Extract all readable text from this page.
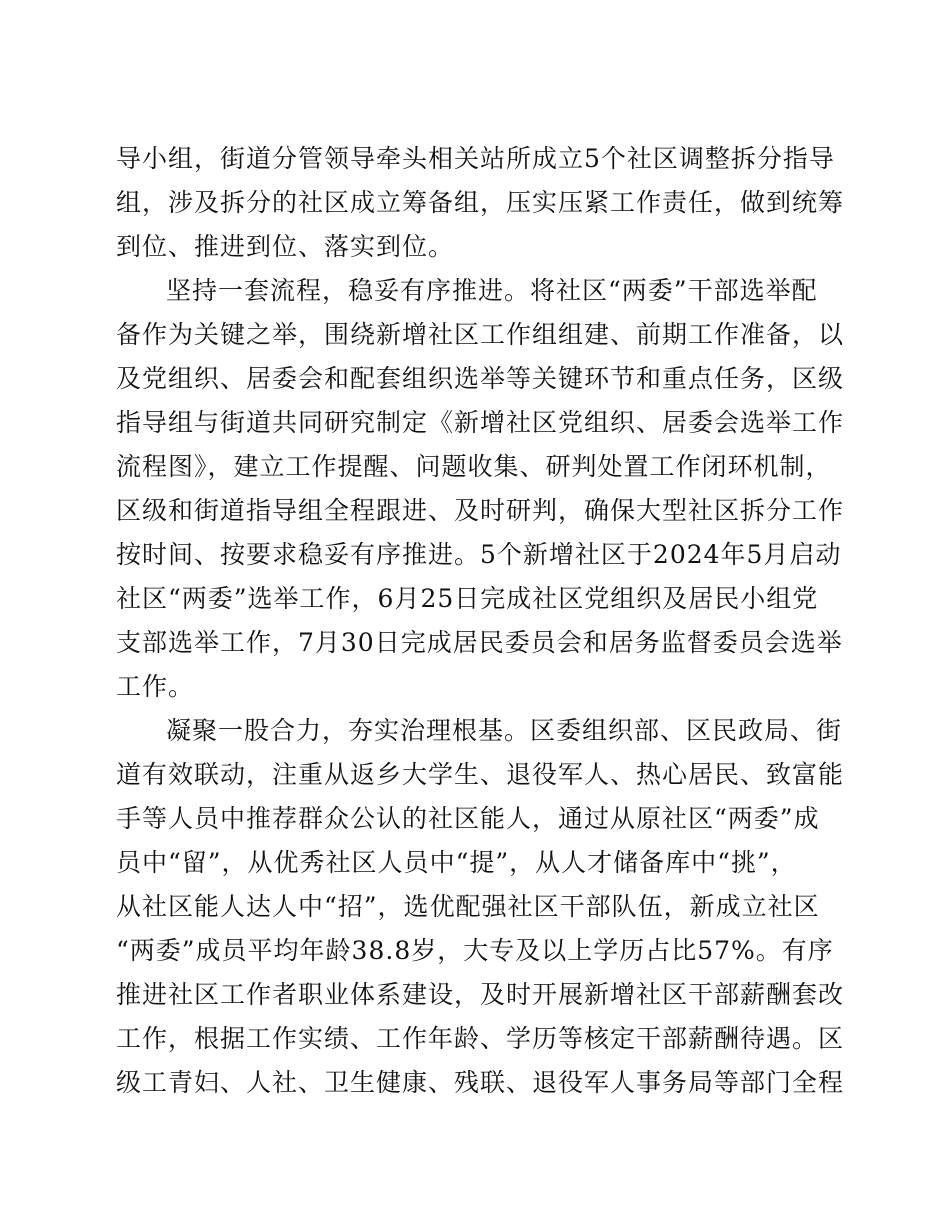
导小组，街道分管领导牵头相关站所成立5个社区调整拆分指导
组，涉及拆分的社区成立筹备组，压实压紧工作责任，做到统筹
到位、推进到位、落实到位。
坚持一套流程，稳妥有序推进。将社区“两委”干部选举配
备作为关键之举，围绕新增社区工作组组建、前期工作准备，以
及党组织、居委会和配套组织选举等关键环节和重点任务，区级
指导组与街道共同研究制定《新增社区党组织、居委会选举工作
流程图》，建立工作提醒、问题收集、研判处置工作闭环机制，
区级和街道指导组全程跟进、及时研判，确保大型社区拆分工作
按时间、按要求稳妥有序推进。5个新增社区于2024年5月启动
社区“两委”选举工作，6月25日完成社区党组织及居民小组党
支部选举工作，7月30日完成居民委员会和居务监督委员会选举
工作。
凝聚一股合力，夯实治理根基。区委组织部、区民政局、街
道有效联动，注重从返乡大学生、退役军人、热心居民、致富能
手等人员中推荐群众公认的社区能人，通过从原社区“两委”成
员中“留”，从优秀社区人员中“提”，从人才储备库中“挑”，
从社区能人达人中“招”，选优配强社区干部队伍，新成立社区
“两委”成员平均年龄38.8岁，大专及以上学历占比57%。有序
推进社区工作者职业体系建设，及时开展新增社区干部薪酬套改
工作，根据工作实绩、工作年龄、学历等核定干部薪酬待遇。区
级工青妇、人社、卫生健康、残联、退役军人事务局等部门全程
